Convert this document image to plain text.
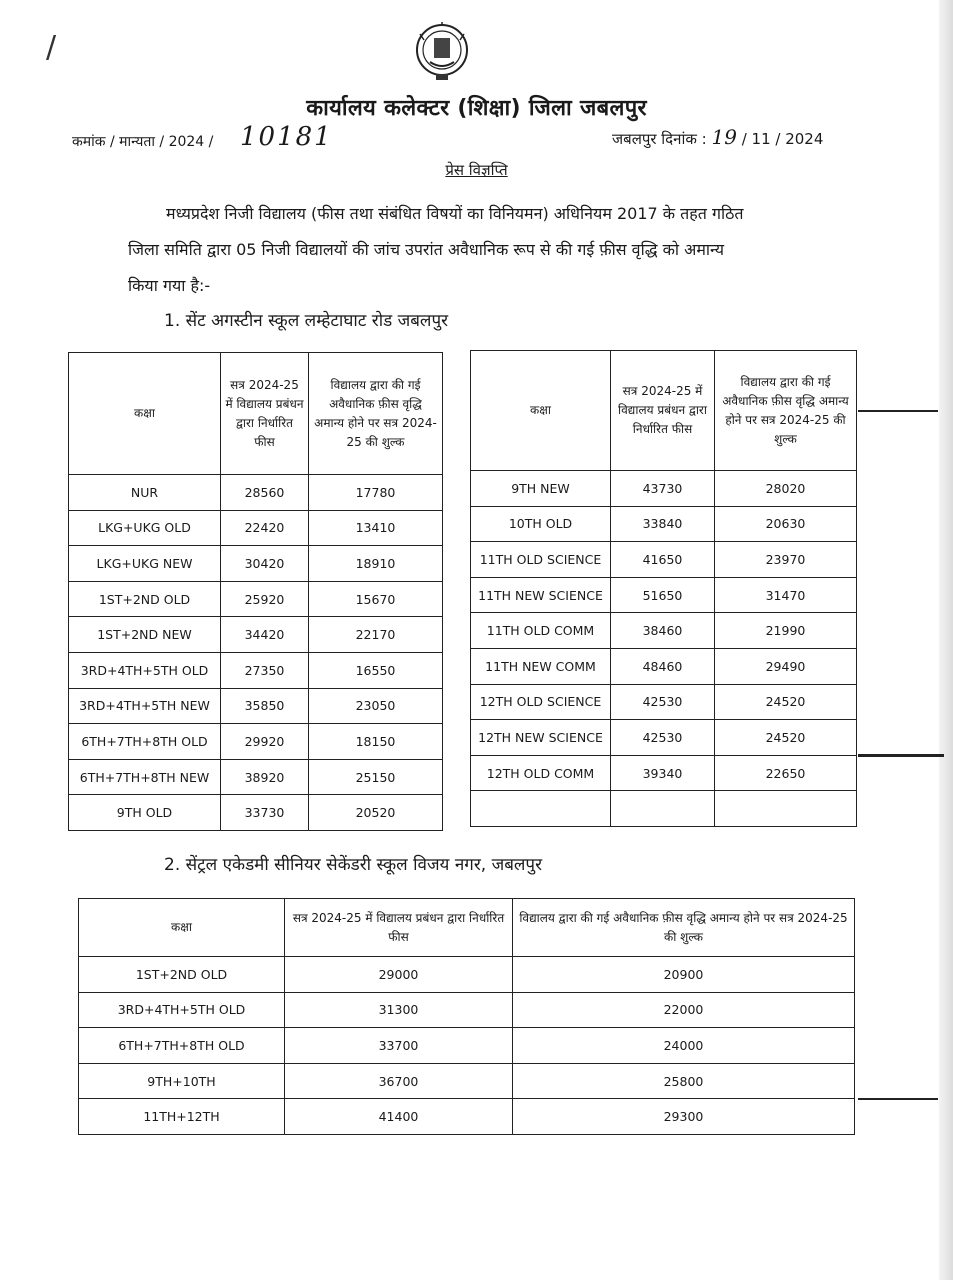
/
कार्यालय कलेक्टर (शिक्षा) जिला जबलपुर
कमांक / मान्यता / 2024 / 10181	जबलपुर दिनांक : 19 / 11 / 2024
प्रेस विज्ञप्ति
मध्यप्रदेश निजी विद्यालय (फीस तथा संबंधित विषयों का विनियमन) अधिनियम 2017 के तहत गठित
जिला समिति द्वारा 05 निजी विद्यालयों की जांच उपरांत अवैधानिक रूप से की गई फ़ीस वृद्धि को अमान्य
किया गया है:-
1. सेंट अगस्टीन स्कूल लम्हेटाघाट रोड जबलपुर
कक्षा	सत्र 2024-25 में विद्यालय प्रबंधन द्वारा निर्धारित फीस	विद्यालय द्वारा की गई अवैधानिक फ़ीस वृद्धि अमान्य होने पर सत्र 2024-25 की शुल्क
NUR	28560	17780
LKG+UKG OLD	22420	13410
LKG+UKG NEW	30420	18910
1ST+2ND OLD	25920	15670
1ST+2ND NEW	34420	22170
3RD+4TH+5TH OLD	27350	16550
3RD+4TH+5TH NEW	35850	23050
6TH+7TH+8TH OLD	29920	18150
6TH+7TH+8TH NEW	38920	25150
9TH OLD	33730	20520
कक्षा	सत्र 2024-25 में विद्यालय प्रबंधन द्वारा निर्धारित फीस	विद्यालय द्वारा की गई अवैधानिक फ़ीस वृद्धि अमान्य होने पर सत्र 2024-25 की शुल्क
9TH NEW	43730	28020
10TH OLD	33840	20630
11TH OLD SCIENCE	41650	23970
11TH NEW SCIENCE	51650	31470
11TH OLD COMM	38460	21990
11TH NEW COMM	48460	29490
12TH OLD SCIENCE	42530	24520
12TH NEW SCIENCE	42530	24520
12TH OLD COMM	39340	22650

2. सेंट्रल एकेडमी सीनियर सेकेंडरी स्कूल विजय नगर, जबलपुर
कक्षा	सत्र 2024-25 में विद्यालय प्रबंधन द्वारा निर्धारित फीस	विद्यालय द्वारा की गई अवैधानिक फ़ीस वृद्धि अमान्य होने पर सत्र 2024-25 की शुल्क
1ST+2ND OLD	29000	20900
3RD+4TH+5TH OLD	31300	22000
6TH+7TH+8TH OLD	33700	24000
9TH+10TH	36700	25800
11TH+12TH	41400	29300
